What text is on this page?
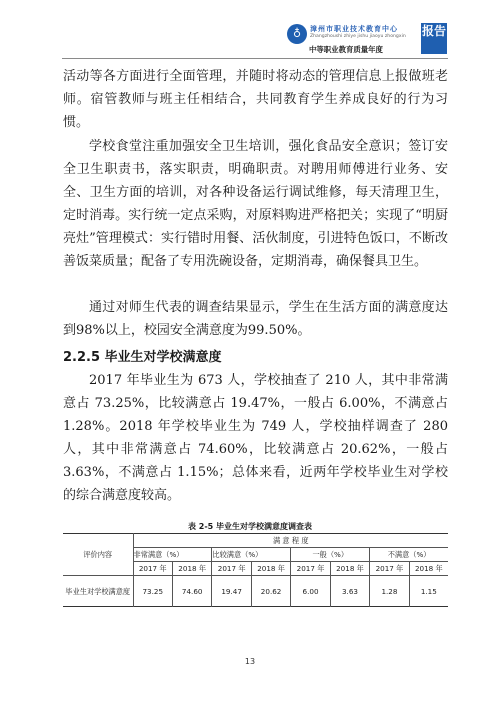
♁	漳州市职业技术教育中心
Zhangzhoushi zhiye jishu jiaoyu zhongxin
中等职业教育质量年度
报告

活动等各方面进行全面管理，并随时将动态的管理信息上报做班老师。宿管教师与班主任相结合，共同教育学生养成良好的行为习惯。

学校食堂注重加强安全卫生培训，强化食品安全意识；签订安全卫生职责书，落实职责，明确职责。对聘用师傅进行业务、安全、卫生方面的培训，对各种设备运行调试维修，每天清理卫生，定时消毒。实行统一定点采购，对原料购进严格把关；实现了“明厨亮灶”管理模式：实行错时用餐、活伙制度，引进特色饭口，不断改善饭菜质量；配备了专用洗碗设备，定期消毒，确保餐具卫生。

通过对师生代表的调查结果显示，学生在生活方面的满意度达到98%以上，校园安全满意度为99.50%。

2.2.5 毕业生对学校满意度

2017 年毕业生为 673 人，学校抽查了 210 人，其中非常满意占 73.25%，比较满意占 19.47%，一般占 6.00%，不满意占 1.28%。2018 年学校毕业生为 749 人，学校抽样调查了 280 人，其中非常满意占 74.60%，比较满意占 20.62%，一般占 3.63%，不满意占 1.15%；总体来看，近两年学校毕业生对学校的综合满意度较高。

表 2-5 毕业生对学校满意度调查表
评价内容	满 意 程 度							
	非常满意（%）		比较满意（%）		一般（%）		不满意（%）	
	2017 年	2018 年	2017 年	2018 年	2017 年	2018 年	2017 年	2018 年
毕业生对学校满意度	73.25	74.60	19.47	20.62	6.00	3.63	1.28	1.15
13
